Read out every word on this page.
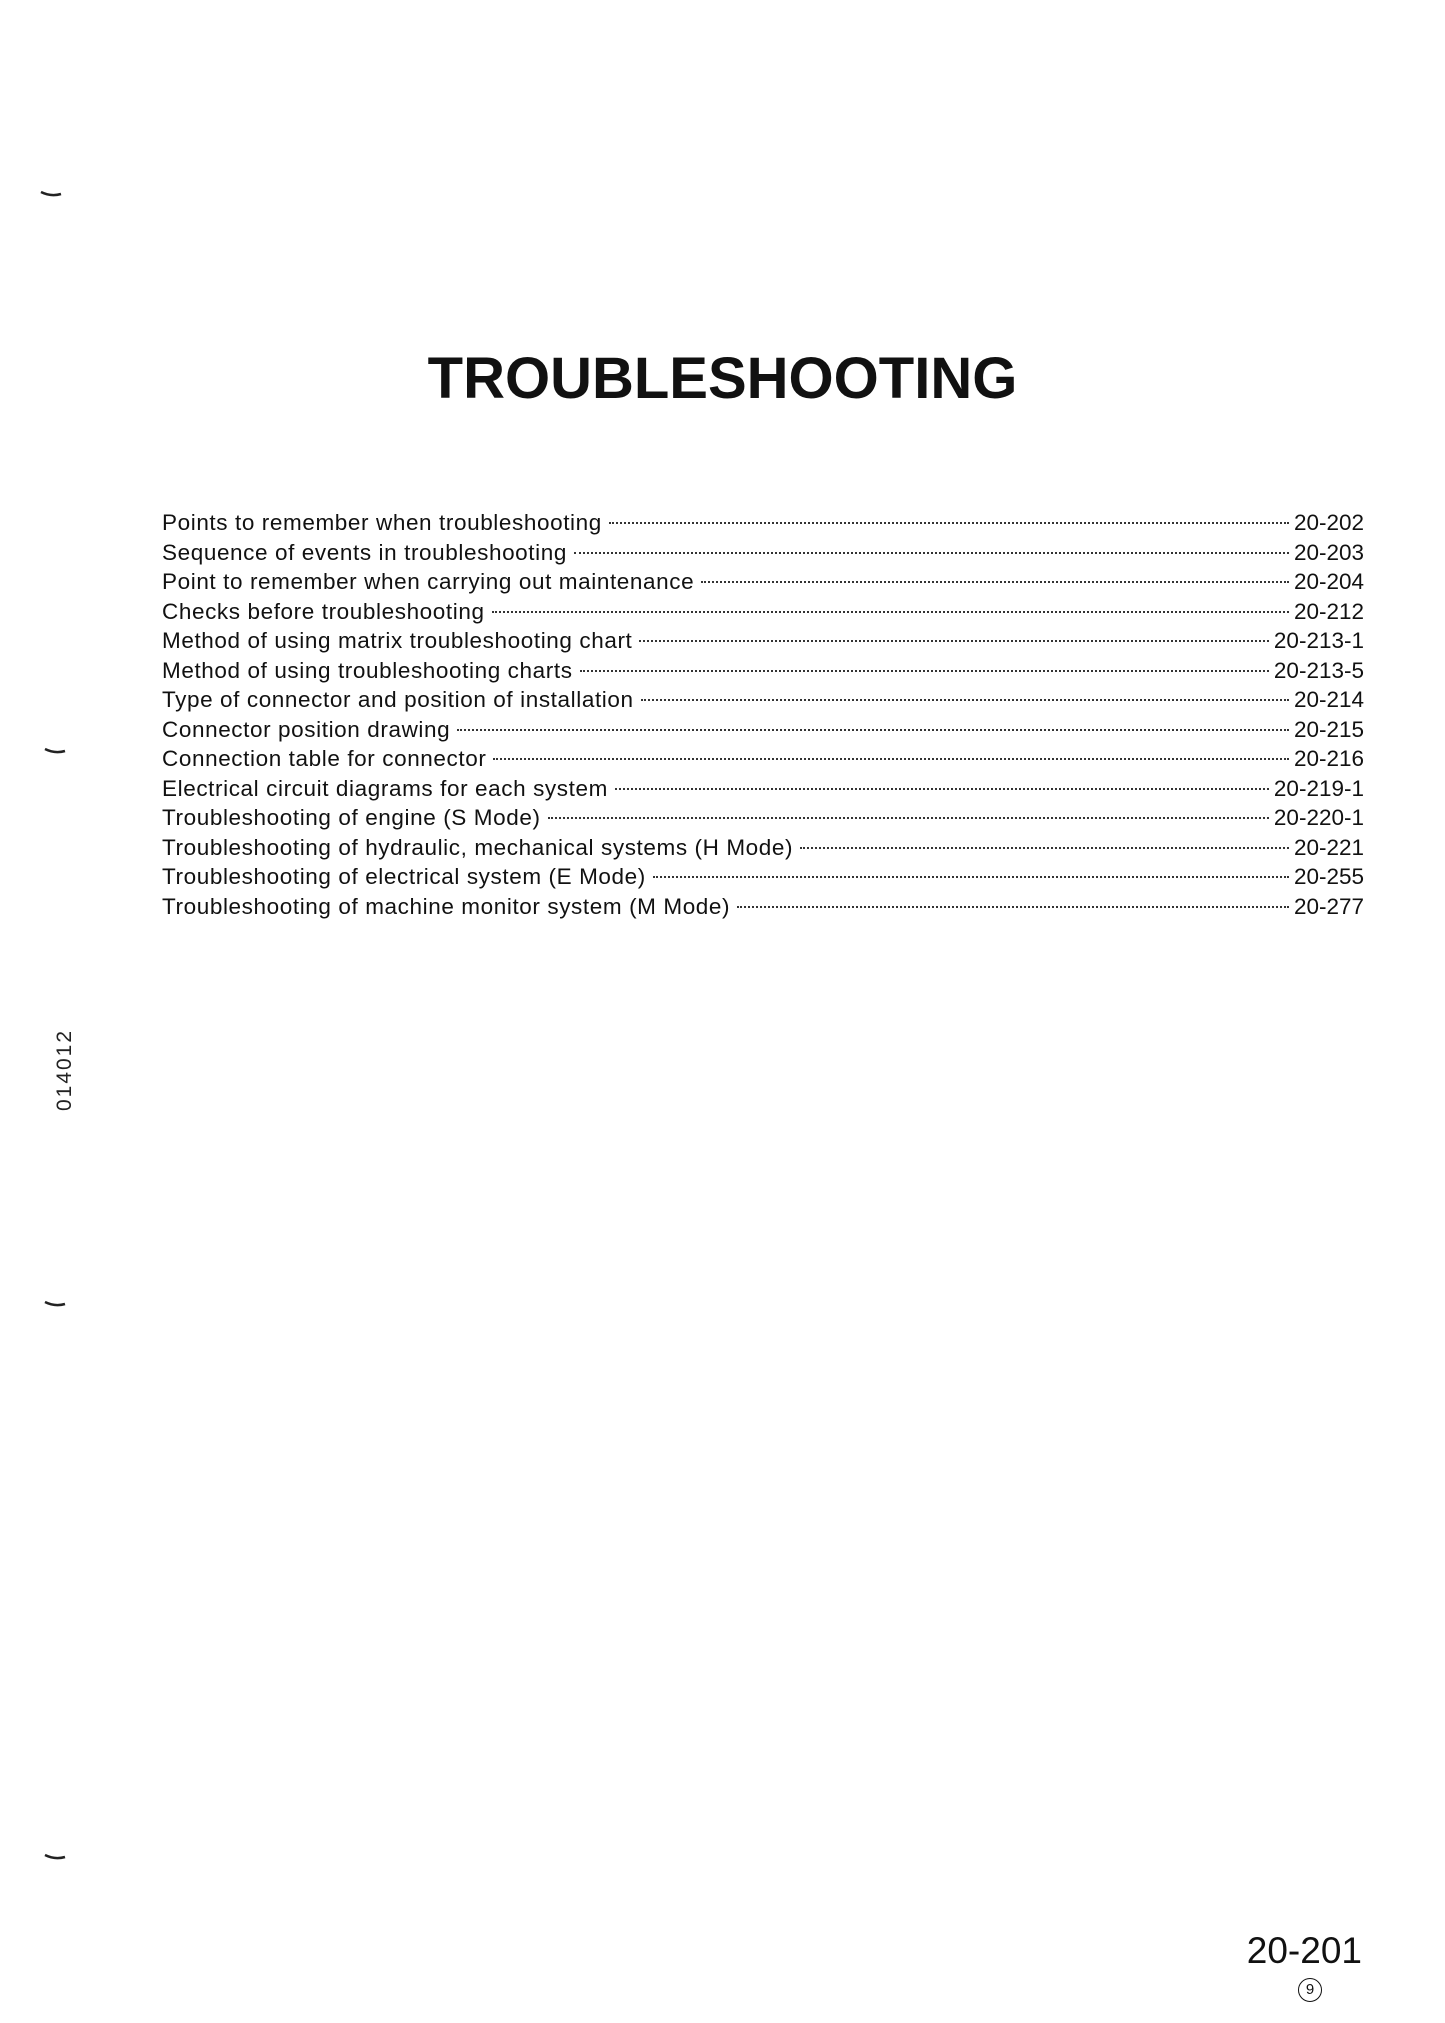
TROUBLESHOOTING
Points to remember when troubleshooting	20-202
Sequence of events in troubleshooting	20-203
Point to remember when carrying out maintenance	20-204
Checks before troubleshooting	20-212
Method of using matrix troubleshooting chart	20-213-1
Method of using troubleshooting charts	20-213-5
Type of connector and position of installation	20-214
Connector position drawing	20-215
Connection table for connector	20-216
Electrical circuit diagrams for each system	20-219-1
Troubleshooting of engine (S Mode)	20-220-1
Troubleshooting of hydraulic, mechanical systems (H Mode)	20-221
Troubleshooting of electrical system (E Mode)	20-255
Troubleshooting of machine monitor system (M Mode)	20-277
014012
20-201
9
